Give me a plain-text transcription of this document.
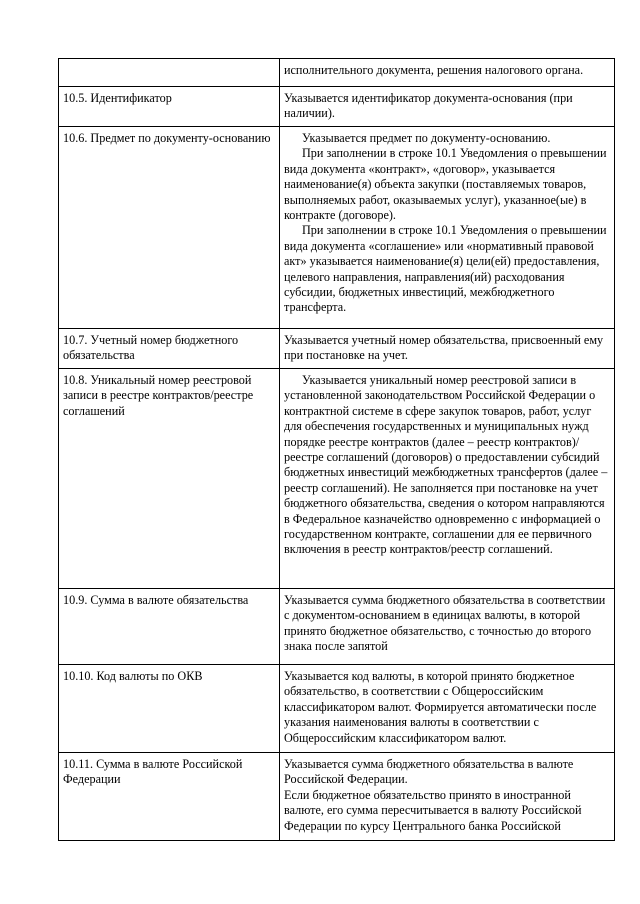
	исполнительного документа, решения налогового органа.

10.5. Идентификатор	Указывается идентификатор документа-основания (при наличии).

10.6. Предмет по документу-основанию	Указывается предмет по документу-основанию.
При заполнении в строке 10.1 Уведомления о превышении вида документа «контракт», «договор», указывается наименование(я) объекта закупки (поставляемых товаров, выполняемых работ, оказываемых услуг), указанное(ые) в контракте (договоре).
При заполнении в строке 10.1 Уведомления о превышении вида документа «соглашение» или «нормативный правовой акт» указывается наименование(я) цели(ей) предоставления, целевого направления, направления(ий) расходования субсидии, бюджетных инвестиций, межбюджетного трансферта.

10.7. Учетный номер бюджетного обязательства	Указывается учетный номер обязательства, присвоенный ему при постановке на учет.

10.8. Уникальный номер реестровой записи в реестре контрактов/реестре соглашений	Указывается уникальный номер реестровой записи в установленной законодательством Российской Федерации о контрактной системе в сфере закупок товаров, работ, услуг для обеспечения государственных и муниципальных нужд порядке реестре контрактов (далее – реестр контрактов)/реестре соглашений (договоров) о предоставлении субсидий бюджетных инвестиций межбюджетных трансфертов (далее – реестр соглашений). Не заполняется при постановке на учет бюджетного обязательства, сведения о котором направляются в Федеральное казначейство одновременно с информацией о государственном контракте, соглашении для ее первичного включения в реестр контрактов/реестр соглашений.

10.9. Сумма в валюте обязательства	Указывается сумма бюджетного обязательства в соответствии с документом-основанием в единицах валюты, в которой принято бюджетное обязательство, с точностью до второго знака после запятой

10.10. Код валюты по ОКВ	Указывается код валюты, в которой принято бюджетное обязательство, в соответствии с Общероссийским классификатором валют. Формируется автоматически после указания наименования валюты в соответствии с Общероссийским классификатором валют.

10.11. Сумма в валюте Российской Федерации	Указывается сумма бюджетного обязательства в валюте Российской Федерации.
Если бюджетное обязательство принято в иностранной валюте, его сумма пересчитывается в валюту Российской Федерации по курсу Центрального банка Российской
